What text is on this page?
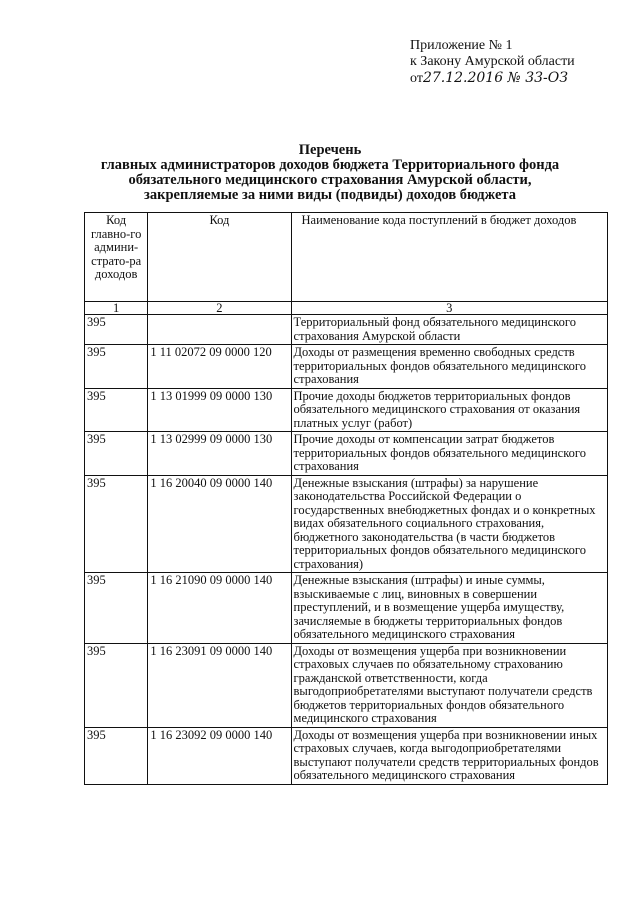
Приложение № 1
к Закону Амурской области
от27.12.2016 № 33-ОЗ
Перечень
главных администраторов доходов бюджета Территориального фонда
обязательного медицинского страхования Амурской области,
закрепляемые за ними виды (подвиды) доходов бюджета
Код главно-го админи-страто-ра доходов	Код	Наименование кода поступлений в бюджет доходов
1	2	3
395		Территориальный фонд обязательного медицинского страхования Амурской области
395	1 11 02072 09 0000 120	Доходы от размещения временно свободных средств территориальных фондов обязательного медицинского страхования
395	1 13 01999 09 0000 130	Прочие доходы бюджетов территориальных фондов обязательного медицинского страхования от оказания платных услуг (работ)
395	1 13 02999 09 0000 130	Прочие доходы от компенсации затрат бюджетов территориальных фондов обязательного медицинского страхования
395	1 16 20040 09 0000 140	Денежные взыскания (штрафы) за нарушение законодательства Российской Федерации о государственных внебюджетных фондах и о конкретных видах обязательного социального страхования, бюджетного законодательства (в части бюджетов территориальных фондов обязательного медицинского страхования)
395	1 16 21090 09 0000 140	Денежные взыскания (штрафы) и иные суммы, взыскиваемые с лиц, виновных в совершении преступлений, и в возмещение ущерба имуществу, зачисляемые в бюджеты территориальных фондов обязательного медицинского страхования
395	1 16 23091 09 0000 140	Доходы от возмещения ущерба при возникновении страховых случаев по обязательному страхованию гражданской ответственности, когда выгодоприобретателями выступают получатели средств бюджетов территориальных фондов обязательного медицинского страхования
395	1 16 23092 09 0000 140	Доходы от возмещения ущерба при возникновении иных страховых случаев, когда выгодоприобретателями выступают получатели средств территориальных фондов обязательного медицинского страхования
